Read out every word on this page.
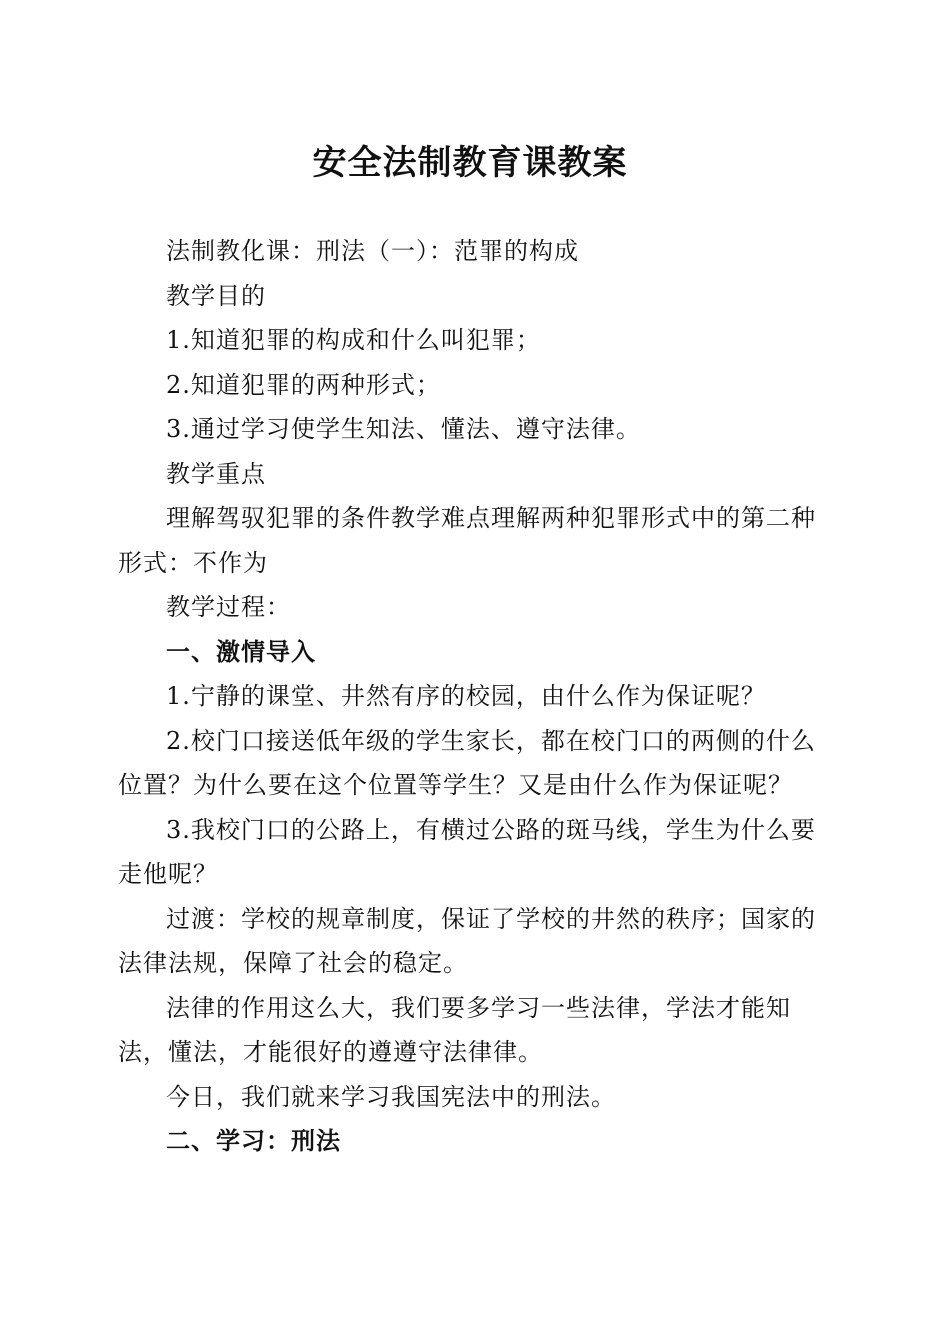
安全法制教育课教案

法制教化课：刑法（一）：范罪的构成

教学目的

1.知道犯罪的构成和什么叫犯罪；

2.知道犯罪的两种形式；

3.通过学习使学生知法、懂法、遵守法律。

教学重点

理解驾驭犯罪的条件教学难点理解两种犯罪形式中的第二种形式：不作为

教学过程：

一、激情导入

1.宁静的课堂、井然有序的校园，由什么作为保证呢？

2.校门口接送低年级的学生家长，都在校门口的两侧的什么位置？为什么要在这个位置等学生？又是由什么作为保证呢？

3.我校门口的公路上，有横过公路的斑马线，学生为什么要走他呢？

过渡：学校的规章制度，保证了学校的井然的秩序；国家的法律法规，保障了社会的稳定。

法律的作用这么大，我们要多学习一些法律，学法才能知法，懂法，才能很好的遵遵守法律律。

今日，我们就来学习我国宪法中的刑法。

二、学习：刑法
